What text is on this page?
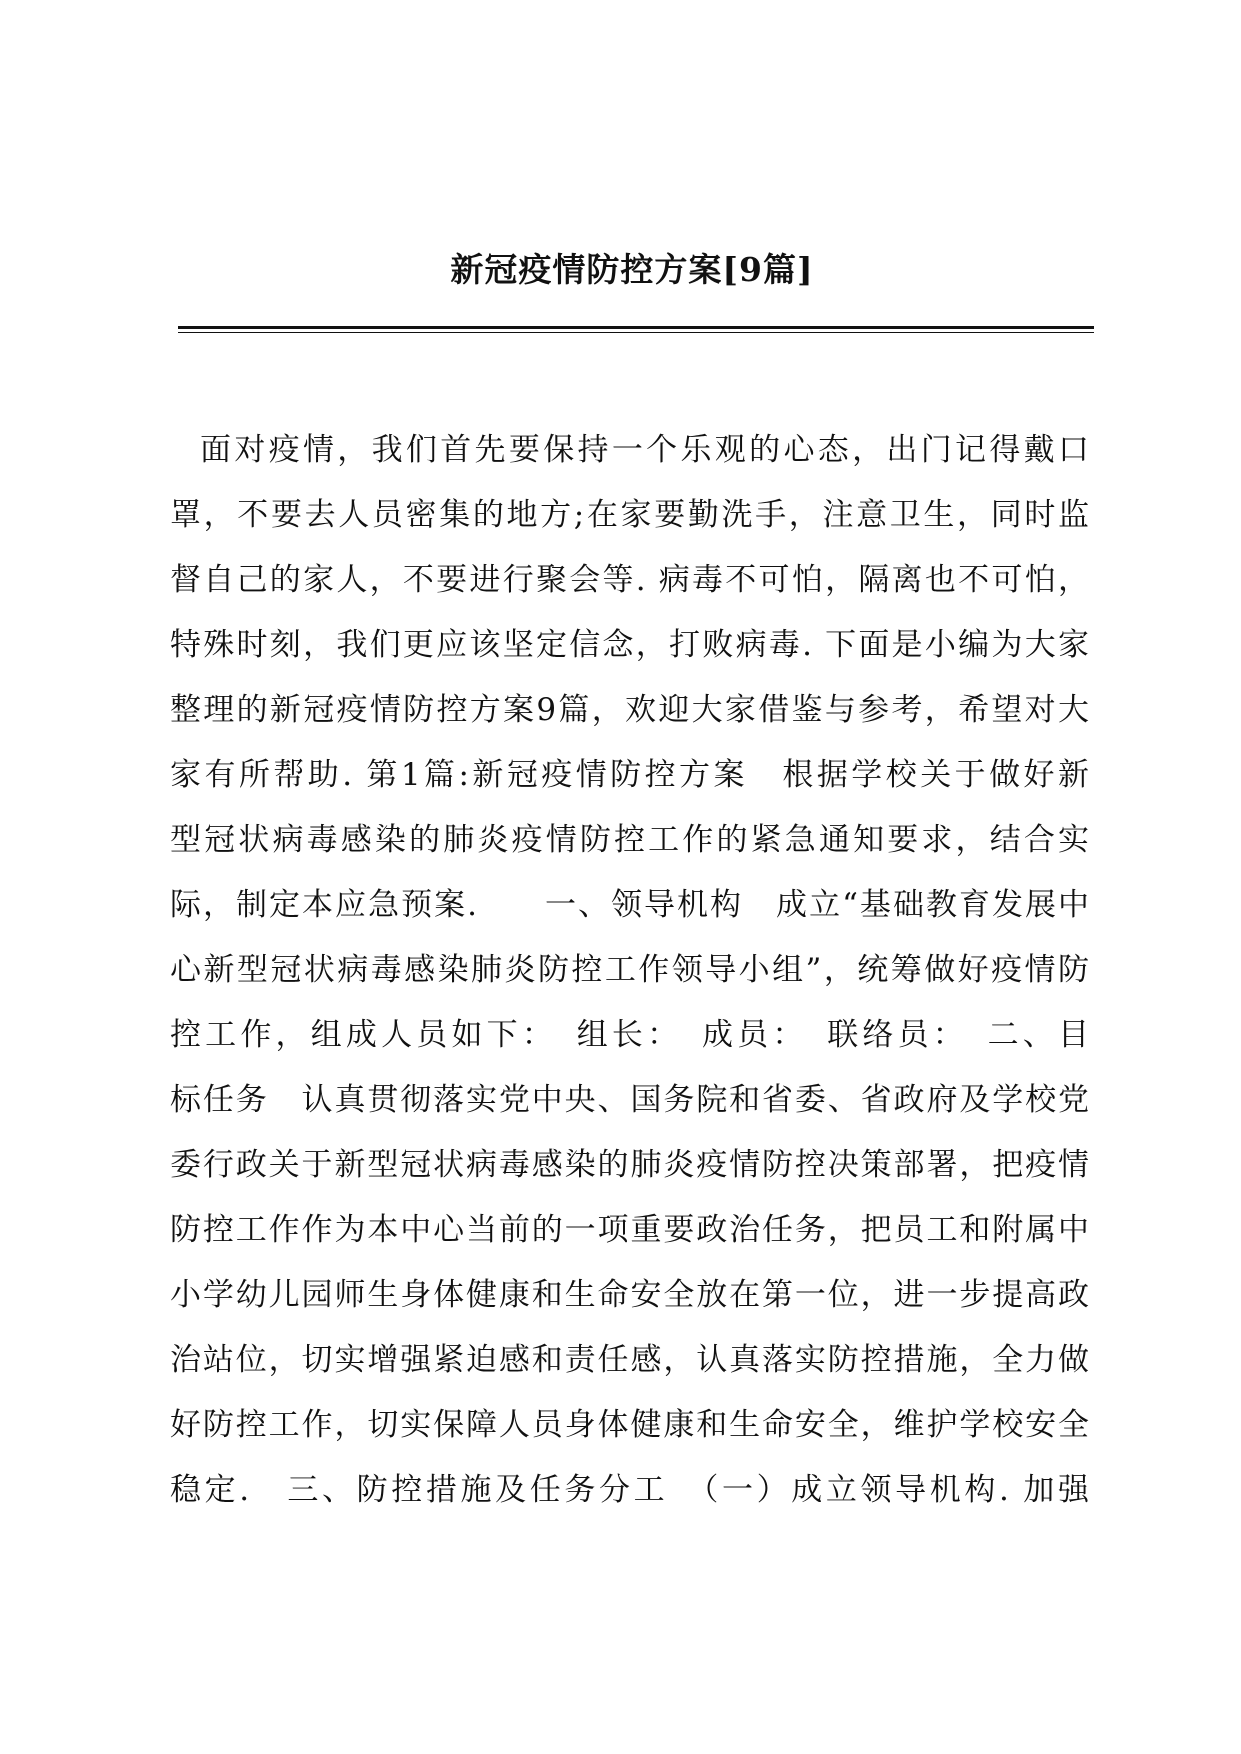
新冠疫情防控方案[9篇]
面对疫情，我们首先要保持一个乐观的心态，出门记得戴口
罩，不要去人员密集的地方;在家要勤洗手，注意卫生，同时监
督自己的家人，不要进行聚会等. 病毒不可怕，隔离也不可怕，
特殊时刻，我们更应该坚定信念，打败病毒. 下面是小编为大家
整理的新冠疫情防控方案9篇，欢迎大家借鉴与参考，希望对大
家有所帮助. 第1篇:新冠疫情防控方案　根据学校关于做好新
型冠状病毒感染的肺炎疫情防控工作的紧急通知要求，结合实
际，制定本应急预案.　　一、领导机构　成立“基础教育发展中
心新型冠状病毒感染肺炎防控工作领导小组”，统筹做好疫情防
控工作，组成人员如下：　组长：　成员：　联络员：　二、目
标任务　认真贯彻落实党中央、国务院和省委、省政府及学校党
委行政关于新型冠状病毒感染的肺炎疫情防控决策部署，把疫情
防控工作作为本中心当前的一项重要政治任务，把员工和附属中
小学幼儿园师生身体健康和生命安全放在第一位，进一步提高政
治站位，切实增强紧迫感和责任感，认真落实防控措施，全力做
好防控工作，切实保障人员身体健康和生命安全，维护学校安全
稳定.　三、防控措施及任务分工　（一）成立领导机构. 加强
